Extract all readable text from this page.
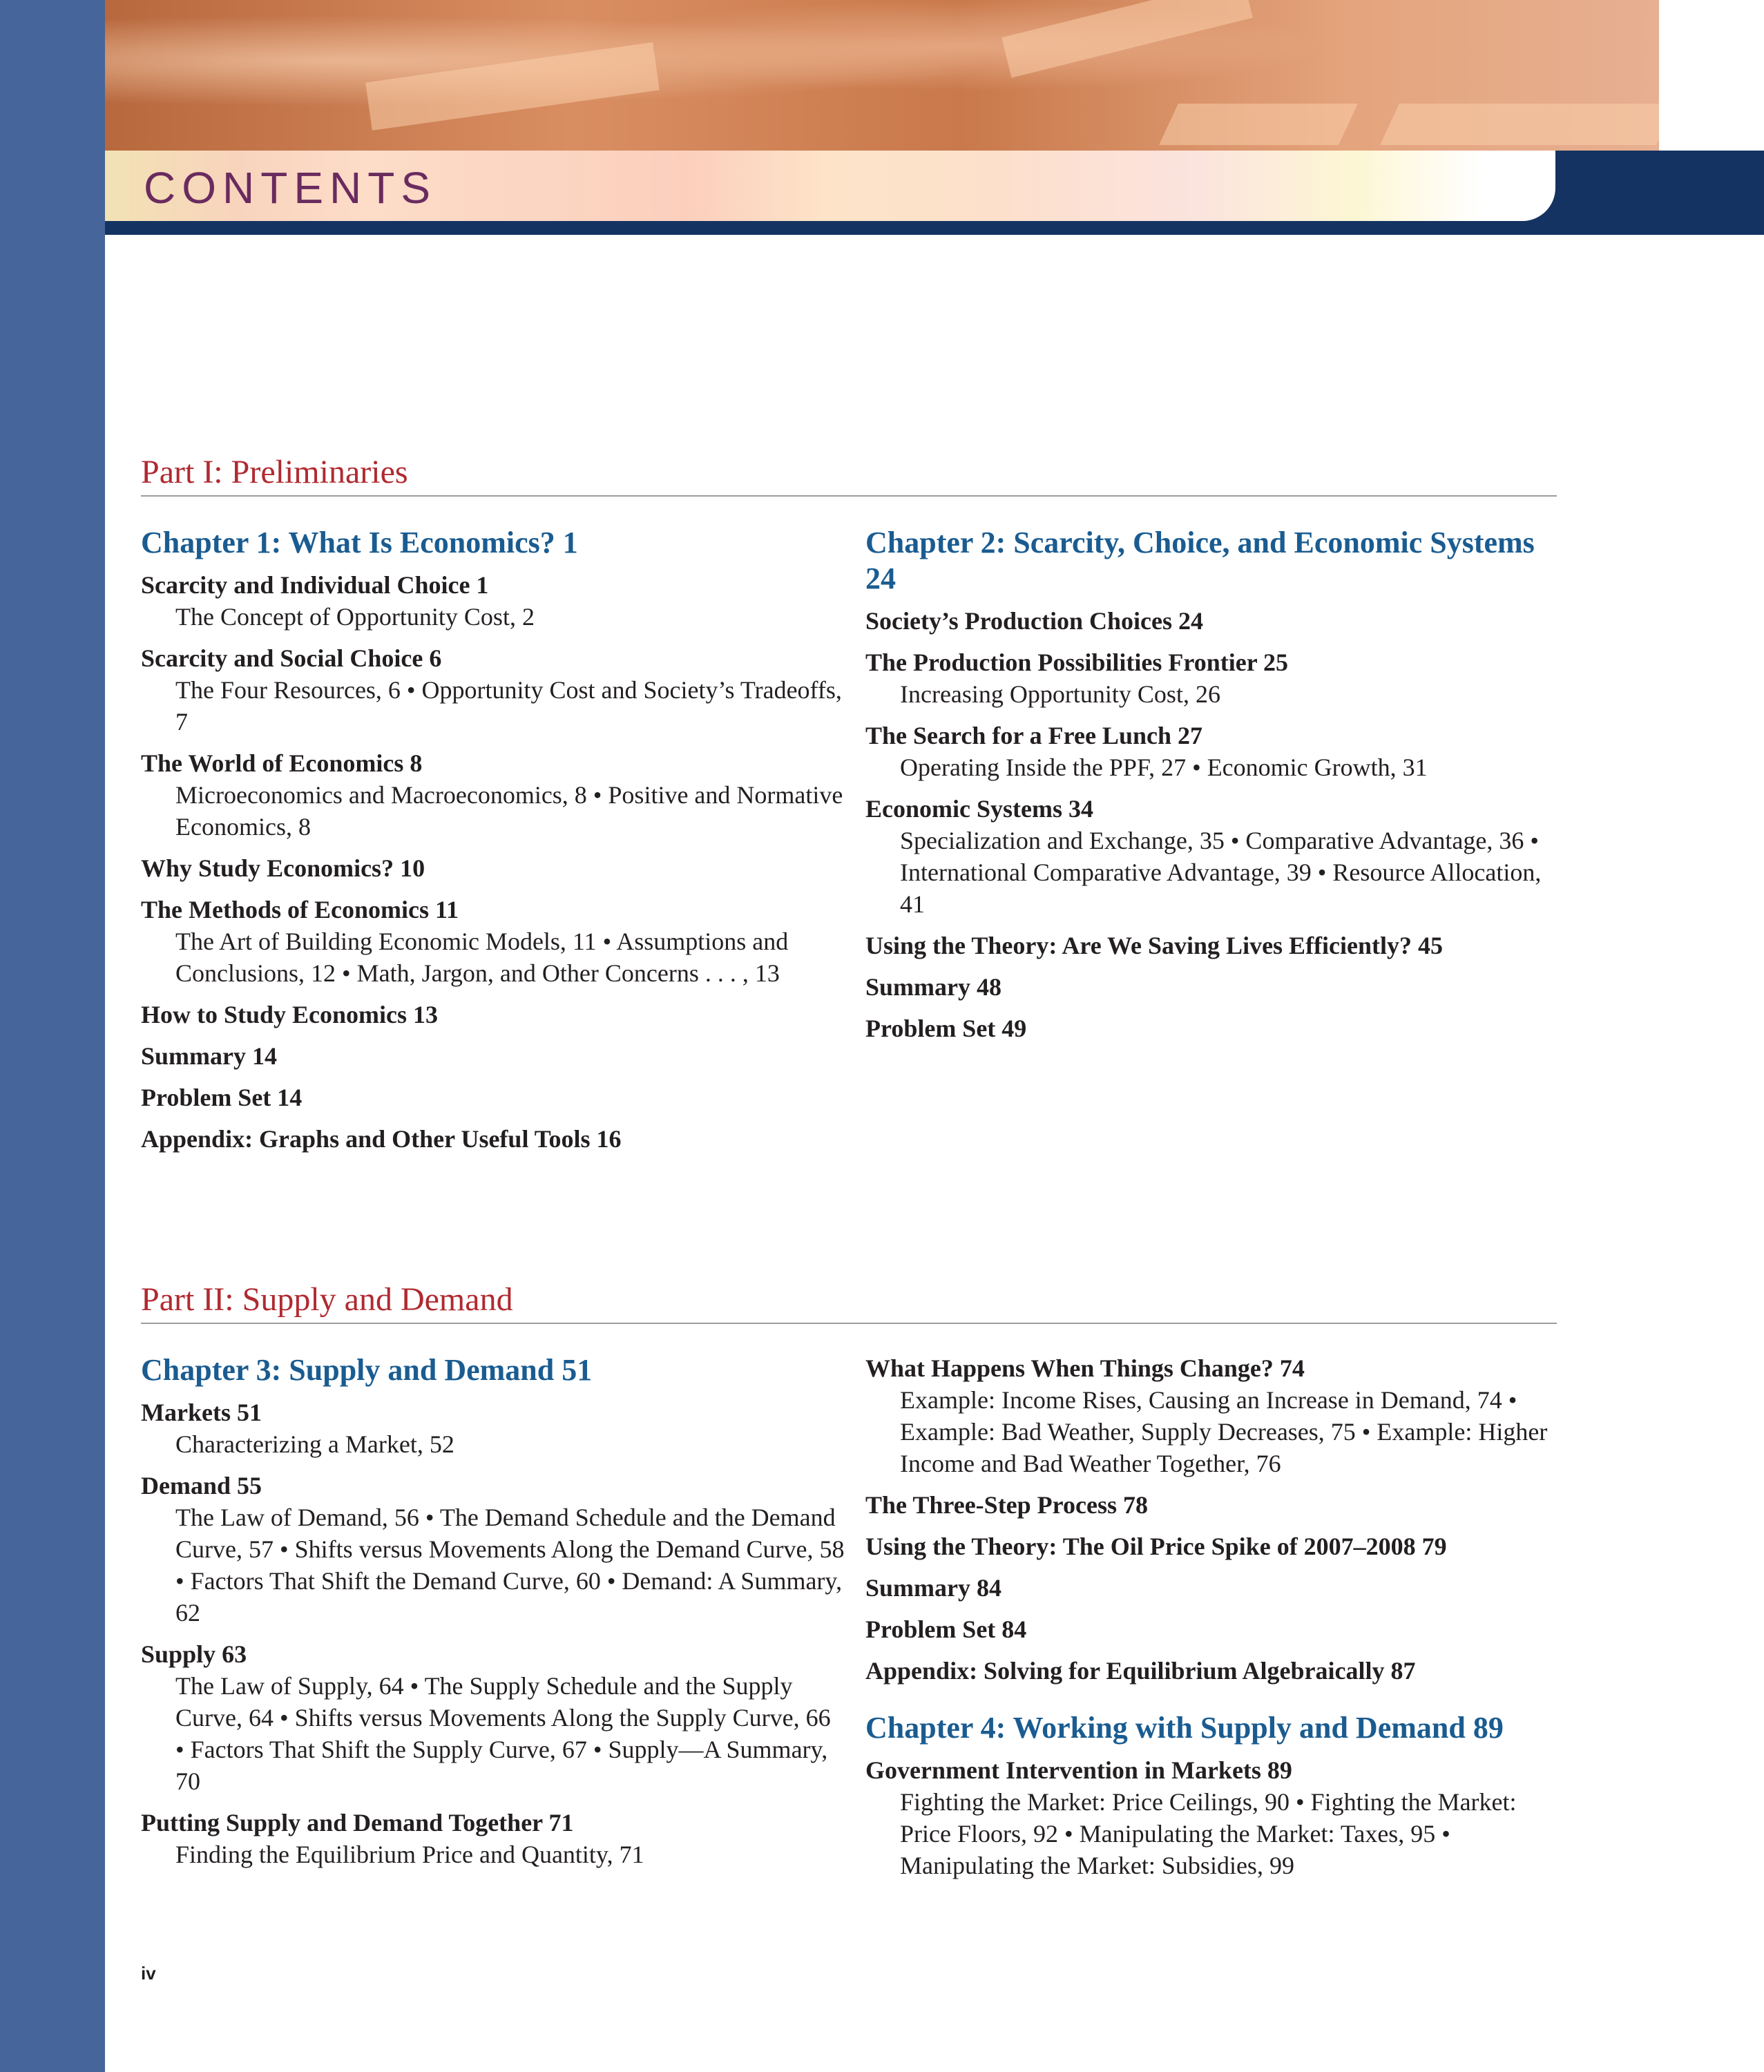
CONTENTS
Part I: Preliminaries
Chapter 1: What Is Economics? 1
Scarcity and Individual Choice 1
The Concept of Opportunity Cost, 2
Scarcity and Social Choice 6
The Four Resources, 6 • Opportunity Cost and Society’s Tradeoffs, 7
The World of Economics 8
Microeconomics and Macroeconomics, 8 • Positive and Normative Economics, 8
Why Study Economics? 10
The Methods of Economics 11
The Art of Building Economic Models, 11 • Assumptions and Conclusions, 12 • Math, Jargon, and Other Concerns . . . , 13
How to Study Economics 13
Summary 14
Problem Set 14
Appendix: Graphs and Other Useful Tools 16
Chapter 2: Scarcity, Choice, and Economic Systems 24
Society’s Production Choices 24
The Production Possibilities Frontier 25
Increasing Opportunity Cost, 26
The Search for a Free Lunch 27
Operating Inside the PPF, 27 • Economic Growth, 31
Economic Systems 34
Specialization and Exchange, 35 • Comparative Advantage, 36 • International Comparative Advantage, 39 • Resource Allocation, 41
Using the Theory: Are We Saving Lives Efficiently? 45
Summary 48
Problem Set 49
Part II: Supply and Demand
Chapter 3: Supply and Demand 51
Markets 51
Characterizing a Market, 52
Demand 55
The Law of Demand, 56 • The Demand Schedule and the Demand Curve, 57 • Shifts versus Movements Along the Demand Curve, 58 • Factors That Shift the Demand Curve, 60 • Demand: A Summary, 62
Supply 63
The Law of Supply, 64 • The Supply Schedule and the Supply Curve, 64 • Shifts versus Movements Along the Supply Curve, 66 • Factors That Shift the Supply Curve, 67 • Supply—A Summary, 70
Putting Supply and Demand Together 71
Finding the Equilibrium Price and Quantity, 71
What Happens When Things Change? 74
Example: Income Rises, Causing an Increase in Demand, 74 • Example: Bad Weather, Supply Decreases, 75 • Example: Higher Income and Bad Weather Together, 76
The Three-Step Process 78
Using the Theory: The Oil Price Spike of 2007–2008 79
Summary 84
Problem Set 84
Appendix: Solving for Equilibrium Algebraically 87
Chapter 4: Working with Supply and Demand 89
Government Intervention in Markets 89
Fighting the Market: Price Ceilings, 90 • Fighting the Market: Price Floors, 92 • Manipulating the Market: Taxes, 95 • Manipulating the Market: Subsidies, 99
iv
